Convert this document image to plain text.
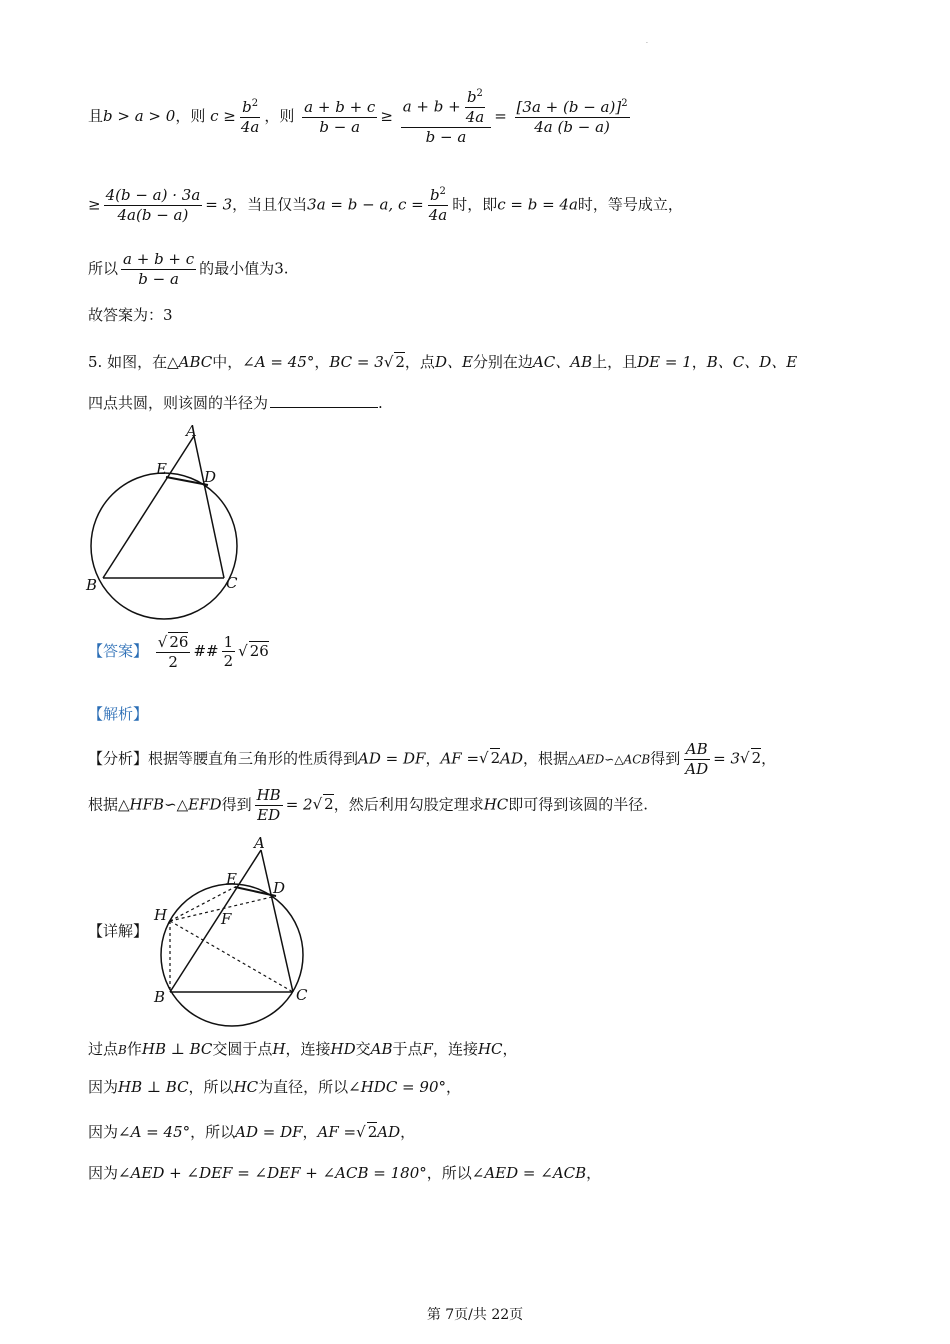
.
且b > a > 0，则 $c \ge \frac{b^2}{4a}$ ，则 $\frac{a + b + c}{b - a} \ge \frac{a + b + \frac{b^2}{4a}}{b - a} = \frac{[3a + (b - a)]^2}{4a (b - a)}$
≥ $\frac{4(b - a) \cdot 3a}{4a(b - a)} = 3$，当且仅当3a = b − a, $c = \frac{b^2}{4a}$ 时，即c = b = 4a时，等号成立，
所以 $\frac{a + b + c}{b - a}$ 的最小值为3.
故答案为：3
5. 如图，在△ABC中，∠A = 45°，BC = 3√ 2，点D、E分别在边AC、AB上，且DE = 1，B、C、D、E
四点共圆，则该圆的半径为	.
A
E D
B	C
【答案】 $\frac{√ 26}{2}$ ## $\frac{1}{2}$ √ 26
【解析】
【分析】根据等腰直角三角形的性质得到AD = DF，AF =√ 2AD，根据△AED∽△ACB得到 $\frac{AB}{AD} = 3√$ 2，
根据△HFB∽△EFD得到 $\frac{HB}{ED} = 2√$ 2，然后利用勾股定理求HC即可得到该圆的半径.
【详解】
A
E D
H	F
B	C
过点B作HB ⊥ BC交圆于点H，连接HD交AB于点F，连接HC，
因为HB ⊥ BC，所以HC为直径，所以∠HDC = 90°，
因为∠A = 45°，所以AD = DF，AF =√ 2AD，
因为∠AED + ∠DEF = ∠DEF + ∠ACB = 180°，所以∠AED = ∠ACB，
第 7页/共 22页
